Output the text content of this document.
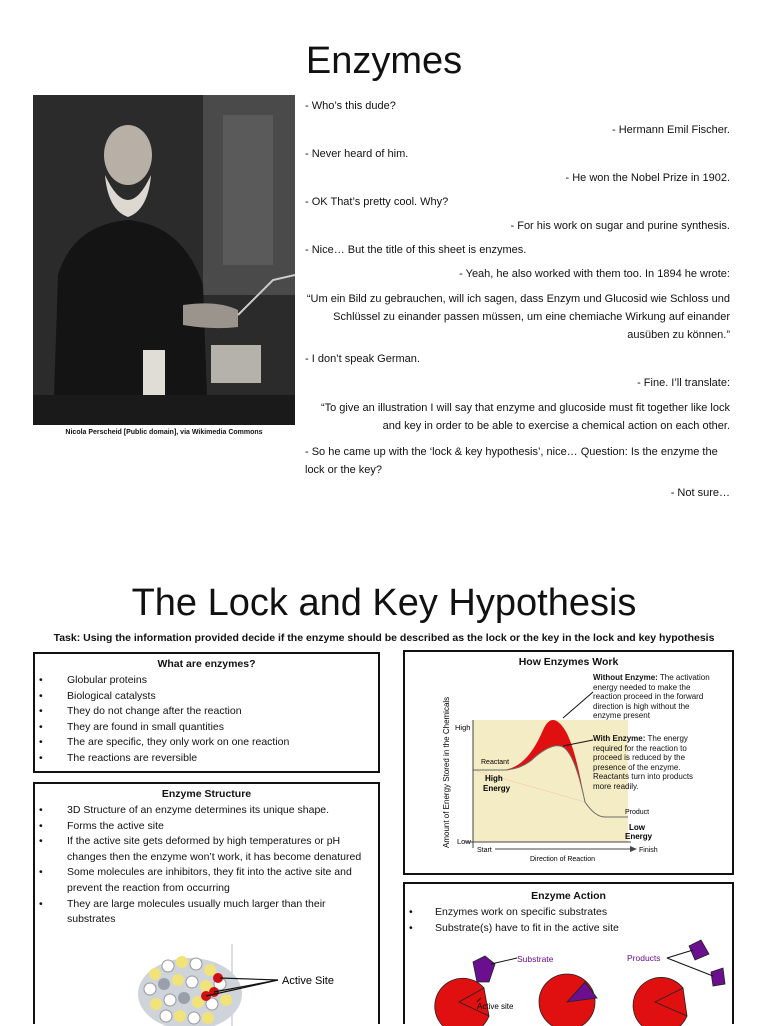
Enzymes
Nicola Perscheid [Public domain], via Wikimedia Commons
- Who’s this dude?
- Hermann Emil Fischer.
- Never heard of him.
- He won the Nobel Prize in 1902.
- OK That’s pretty cool. Why?
- For his work on sugar and purine synthesis.
- Nice… But the title of this sheet is enzymes.
- Yeah, he also worked with them too. In 1894 he wrote:
“Um ein Bild zu gebrauchen, will ich sagen, dass Enzym und Glucosid wie Schloss und Schlüssel zu einander passen müssen, um eine chemiache Wirkung auf einander ausüben zu können.”
- I don’t speak German.
- Fine. I’ll translate:
“To give an illustration I will say that enzyme and glucoside must fit together like lock and key in order to be able to exercise a chemical action on each other.
- So he came up with the ‘lock & key hypothesis’, nice… Question: Is the enzyme the lock or the key?
- Not sure…
The Lock and Key Hypothesis
Task: Using the information provided decide if the enzyme should be described as the lock or the key in the lock and key hypothesis
What are enzymes?
• Globular proteins
• Biological catalysts
• They do not change after the reaction
• They are found in small quantities
• The are specific, they only work on one reaction
• The reactions are reversible
Enzyme Structure
• 3D Structure of an enzyme determines its unique shape.
• Forms the active site
• If the active site gets deformed by high temperatures or pH changes then the enzyme won’t work, it has become denatured
• Some molecules are inhibitors, they fit into the active site and prevent the reaction from occurring
• They are large molecules usually much larger than their substrates
Active Site
How Enzymes Work
Amount of Energy Stored in the Chemicals High
Low
Reactant
High
Energy
Product
Low
Energy
Start	Finish
Direction of Reaction
Without Enzyme: The activation energy needed to make the reaction proceed in the forward direction is high without the enzyme present
With Enzyme: The energy required for the reaction to proceed is reduced by the presence of the enzyme. Reactants turn into products more readily.
Enzyme Action
• Enzymes work on specific substrates
• Substrate(s) have to fit in the active site
Substrate
Active site
Products
